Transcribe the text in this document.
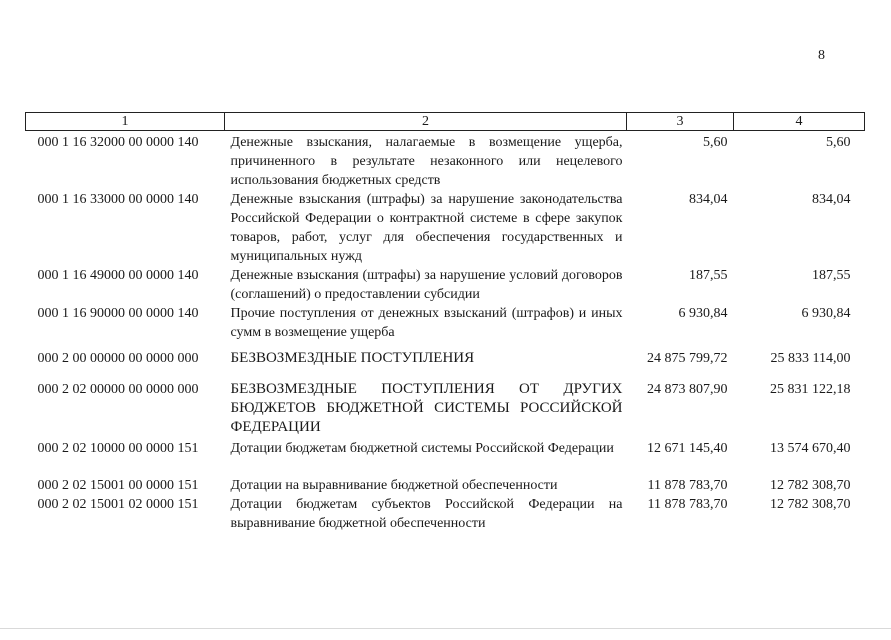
8
1	2	3	4
000 1 16 32000 00 0000 140	Денежные взыскания, налагаемые в возмещение ущерба, причиненного в результате незаконного или нецелевого использования бюджетных средств	5,60	5,60
000 1 16 33000 00 0000 140	Денежные взыскания (штрафы) за нарушение законодательства Российской Федерации о контрактной системе в сфере закупок товаров, работ, услуг для обеспечения государственных и муниципальных нужд	834,04	834,04
000 1 16 49000 00 0000 140	Денежные взыскания (штрафы) за нарушение условий договоров (соглашений) о предоставлении субсидии	187,55	187,55
000 1 16 90000 00 0000 140	Прочие поступления от денежных взысканий (штрафов) и иных сумм в возмещение ущерба	6 930,84	6 930,84
000 2 00 00000 00 0000 000	БЕЗВОЗМЕЗДНЫЕ ПОСТУПЛЕНИЯ	24 875 799,72	25 833 114,00
000 2 02 00000 00 0000 000	БЕЗВОЗМЕЗДНЫЕ ПОСТУПЛЕНИЯ ОТ ДРУГИХ БЮДЖЕТОВ БЮДЖЕТНОЙ СИСТЕМЫ РОССИЙСКОЙ ФЕДЕРАЦИИ	24 873 807,90	25 831 122,18
000 2 02 10000 00 0000 151	Дотации бюджетам бюджетной системы Российской Федерации	12 671 145,40	13 574 670,40
000 2 02 15001 00 0000 151	Дотации на выравнивание бюджетной обеспеченности	11 878 783,70	12 782 308,70
000 2 02 15001 02 0000 151	Дотации бюджетам субъектов Российской Федерации на выравнивание бюджетной обеспеченности	11 878 783,70	12 782 308,70
